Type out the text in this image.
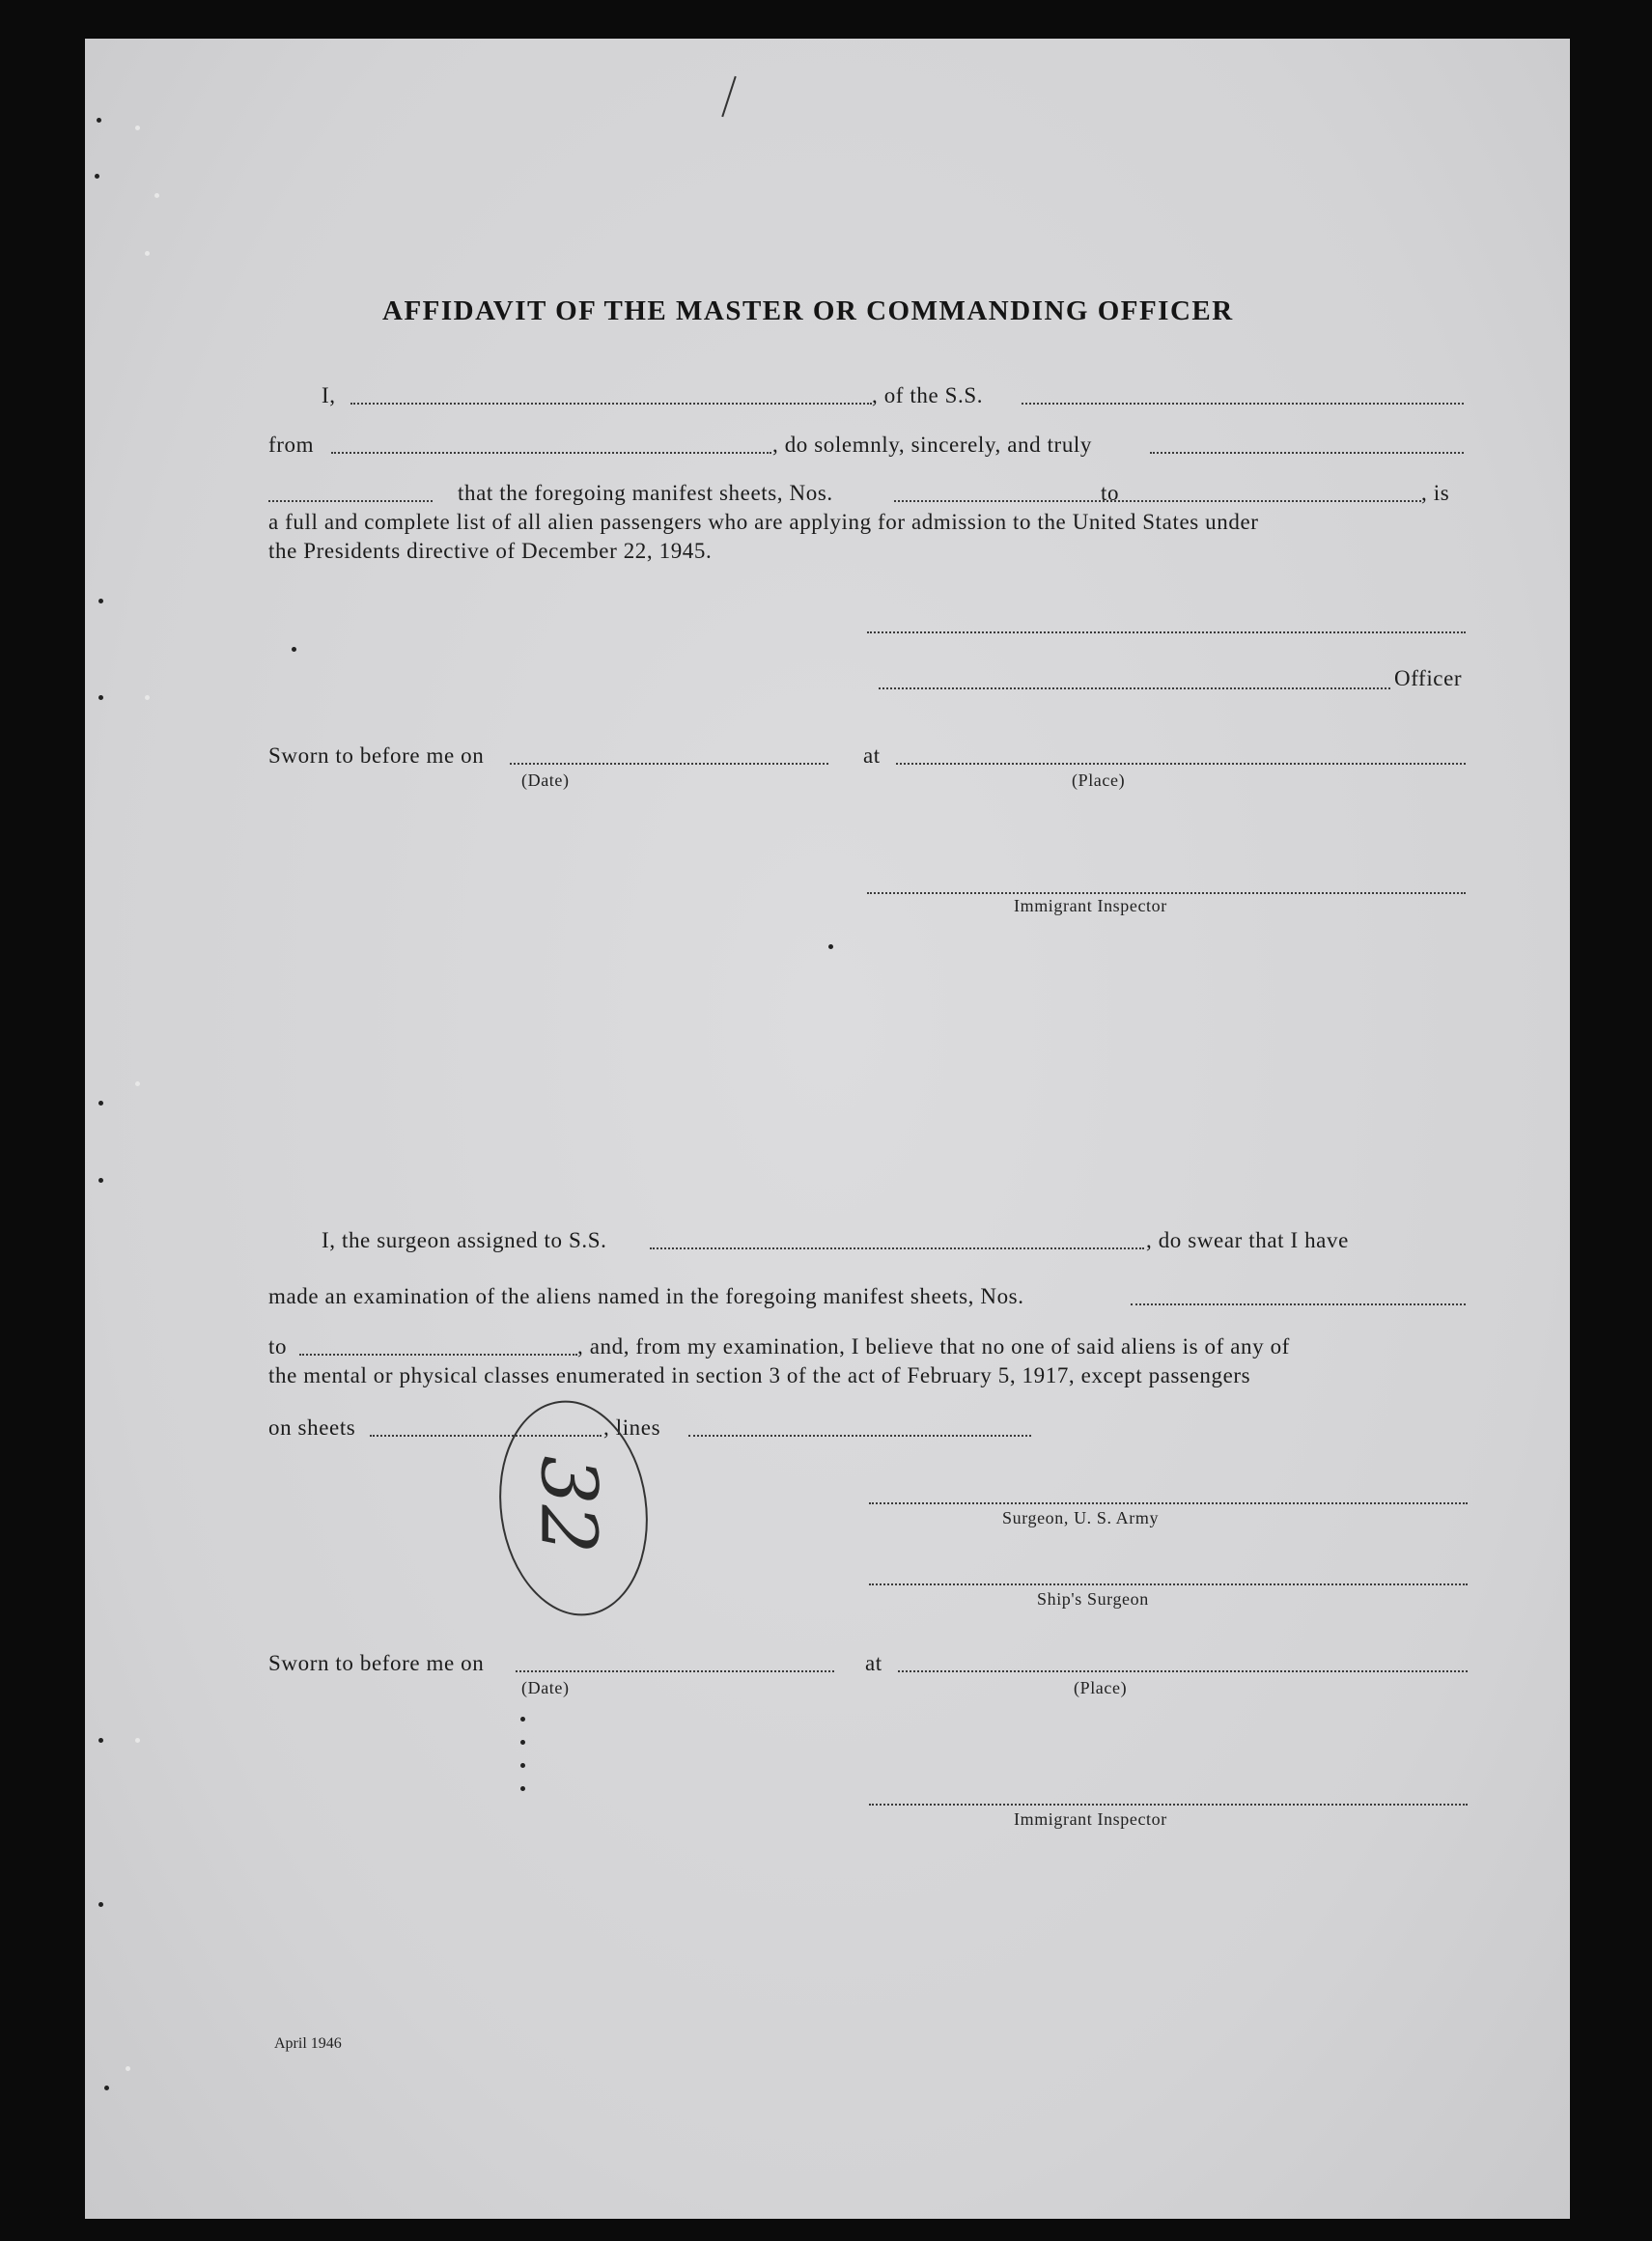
AFFIDAVIT OF THE MASTER OR COMMANDING OFFICER
I,	, of the S.S.
from	, do solemnly, sincerely, and truly
that the foregoing manifest sheets, Nos.	to	, is
a full and complete list of all alien passengers who are applying for admission to the United States under
the Presidents directive of December 22, 1945.
Officer
Sworn to before me on	at
(Date)	(Place)
Immigrant Inspector
I, the surgeon assigned to S.S.	, do swear that I have
made an examination of the aliens named in the foregoing manifest sheets, Nos.
to	, and, from my examination, I believe that no one of said aliens is of any of
the mental or physical classes enumerated in section 3 of the act of February 5, 1917, except passengers
on sheets	, lines
32	Surgeon, U. S. Army
Ship's Surgeon
Sworn to before me on	at
(Date)	(Place)
Immigrant Inspector
April 1946
